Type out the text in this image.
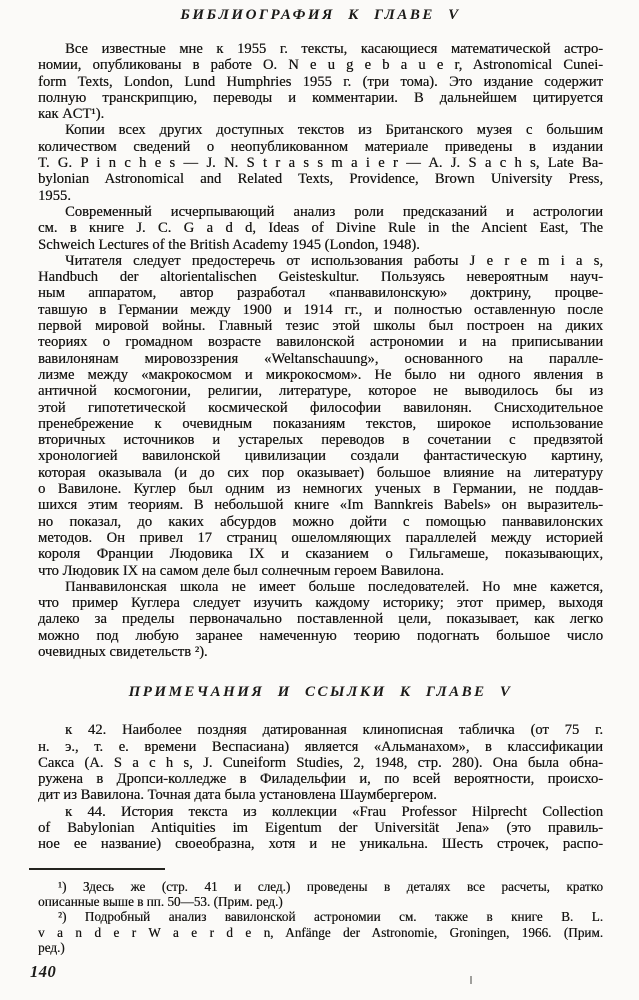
БИБЛИОГРАФИЯ К ГЛАВЕ V
Все известные мне к 1955 г. тексты, касающиеся математической астро-
номии, опубликованы в работе О. N e u g e b a u e r, Astronomical Cunei-
form Texts, London, Lund Humphries 1955 г. (три тома). Это издание содержит
полную транскрипцию, переводы и комментарии. В дальнейшем цитируется
как ACT¹).
Копии всех других доступных текстов из Британского музея с большим
количеством сведений о неопубликованном материале приведены в издании
T. G. P i n c h e s — J. N. S t r a s s m a i e r — A. J. S a c h s, Late Ba-
bylonian Astronomical and Related Texts, Providence, Brown University Press,
1955.
Современный исчерпывающий анализ роли предсказаний и астрологии
см. в книге J. C. G a d d, Ideas of Divine Rule in the Ancient East, The
Schweich Lectures of the British Academy 1945 (London, 1948).
Читателя следует предостеречь от использования работы J e r e m i a s,
Handbuch der altorientalischen Geisteskultur. Пользуясь невероятным науч-
ным аппаратом, автор разработал «панвавилонскую» доктрину, процве-
тавшую в Германии между 1900 и 1914 гг., и полностью оставленную после
первой мировой войны. Главный тезис этой школы был построен на диких
теориях о громадном возрасте вавилонской астрономии и на приписывании
вавилонянам мировоззрения «Weltanschauung», основанного на паралле-
лизме между «макрокосмом и микрокосмом». Не было ни одного явления в
античной космогонии, религии, литературе, которое не выводилось бы из
этой гипотетической космической философии вавилонян. Снисходительное
пренебрежение к очевидным показаниям текстов, широкое использование
вторичных источников и устарелых переводов в сочетании с предвзятой
хронологией вавилонской цивилизации создали фантастическую картину,
которая оказывала (и до сих пор оказывает) большое влияние на литературу
о Вавилоне. Куглер был одним из немногих ученых в Германии, не поддав-
шихся этим теориям. В небольшой книге «Im Bannkreis Babels» он выразитель-
но показал, до каких абсурдов можно дойти с помощью панвавилонских
методов. Он привел 17 страниц ошеломляющих параллелей между историей
короля Франции Людовика IX и сказанием о Гильгамеше, показывающих,
что Людовик IX на самом деле был солнечным героем Вавилона.
Панвавилонская школа не имеет больше последователей. Но мне кажется,
что пример Куглера следует изучить каждому историку; этот пример, выходя
далеко за пределы первоначально поставленной цели, показывает, как легко
можно под любую заранее намеченную теорию подогнать большое число
очевидных свидетельств ²).
ПРИМЕЧАНИЯ И ССЫЛКИ К ГЛАВЕ V
к 42. Наиболее поздняя датированная клинописная табличка (от 75 г.
н. э., т. е. времени Веспасиана) является «Альманахом», в классификации
Сакса (A. S a c h s, J. Cuneiform Studies, 2, 1948, стр. 280). Она была обна-
ружена в Дропси-колледже в Филадельфии и, по всей вероятности, происхо-
дит из Вавилона. Точная дата была установлена Шаумбергером.
к 44. История текста из коллекции «Frau Professor Hilprecht Collection
of Babylonian Antiquities im Eigentum der Universität Jena» (это правиль-
ное ее название) своеобразна, хотя и не уникальна. Шесть строчек, распо-
¹) Здесь же (стр. 41 и след.) проведены в деталях все расчеты, кратко
описанные выше в пп. 50—53. (Прим. ред.)
²) Подробный анализ вавилонской астрономии см. также в книге B. L.
v a n d e r W a e r d e n, Anfänge der Astronomie, Groningen, 1966. (Прим.
ред.)
140
